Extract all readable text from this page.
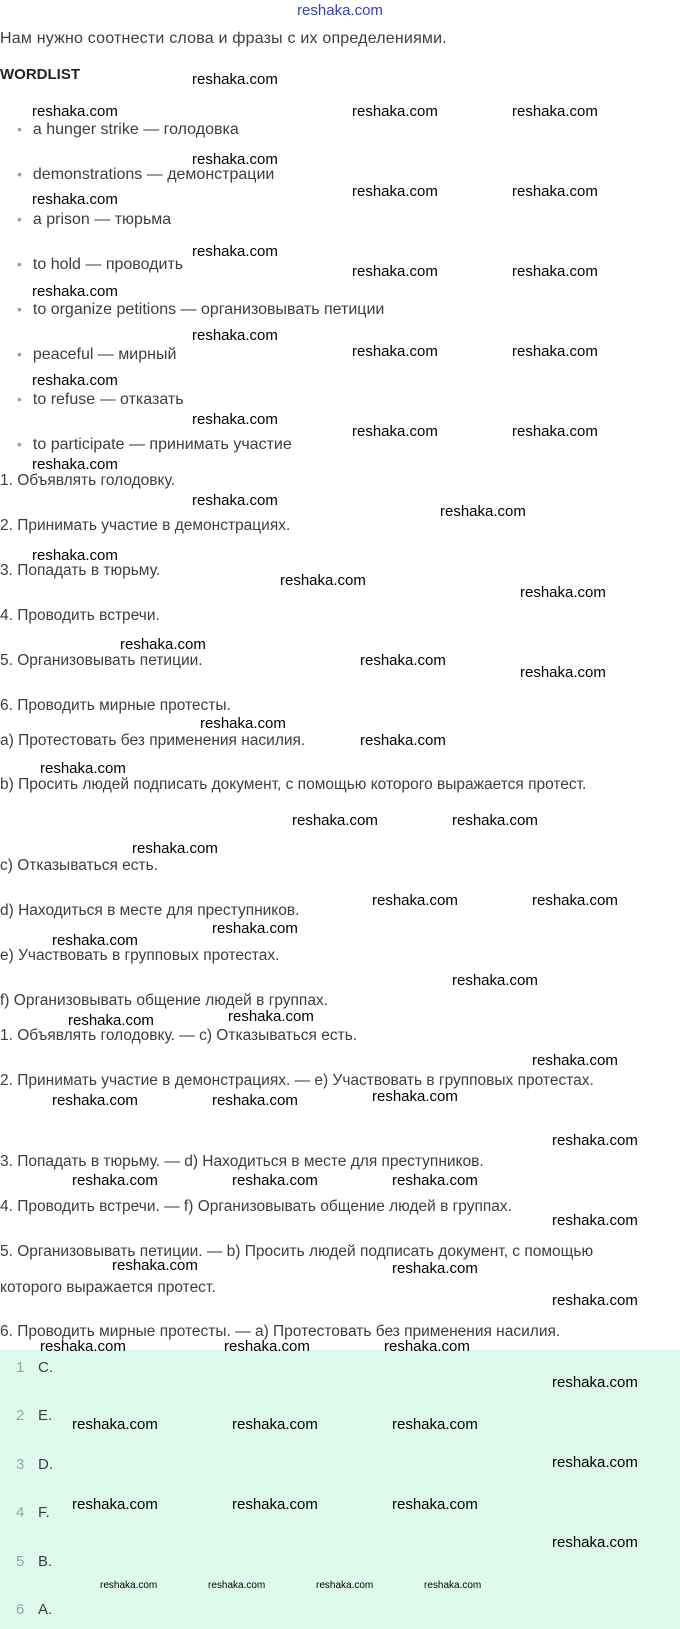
reshaka.com
Нам нужно соотнести слова и фразы с их определениями.
WORDLIST
• a hunger strike — голодовка
• demonstrations — демонстрации
• a prison — тюрьма
• to hold — проводить
• to organize petitions — организовывать петиции
• peaceful — мирный
• to refuse — отказать
• to participate — принимать участие
1. Объявлять голодовку.
2. Принимать участие в демонстрациях.
3. Попадать в тюрьму.
4. Проводить встречи.
5. Организовывать петиции.
6. Проводить мирные протесты.
a) Протестовать без применения насилия.
b) Просить людей подписать документ, с помощью которого выражается протест.
c) Отказываться есть.
d) Находиться в месте для преступников.
e) Участвовать в групповых протестах.
f) Организовывать общение людей в группах.
1. Объявлять голодовку. — c) Отказываться есть.
2. Принимать участие в демонстрациях. — e) Участвовать в групповых протестах.
3. Попадать в тюрьму. — d) Находиться в месте для преступников.
4. Проводить встречи. — f) Организовывать общение людей в группах.
5. Организовывать петиции. — b) Просить людей подписать документ, с помощью которого выражается протест.
6. Проводить мирные протесты. — a) Протестовать без применения насилия.
1 C.
2 E.
3 D.
4 F.
5 B.
6 A.
reshaka.com
reshaka.com	reshaka.com	reshaka.com
reshaka.com
reshaka.com	reshaka.com	reshaka.com
reshaka.com
reshaka.com
reshaka.com	reshaka.com
reshaka.com
reshaka.com
reshaka.com	reshaka.com
reshaka.com
reshaka.com	reshaka.com
reshaka.com
reshaka.com
reshaka.com
reshaka.com
reshaka.com
reshaka.com
reshaka.com
reshaka.com
reshaka.com
reshaka.com
reshaka.com
reshaka.com
reshaka.com	reshaka.com
reshaka.com
reshaka.com	reshaka.com
reshaka.com
reshaka.com
reshaka.com
reshaka.com
reshaka.com
reshaka.com
reshaka.com	reshaka.com	reshaka.com
reshaka.com
reshaka.com	reshaka.com	reshaka.com
reshaka.com
reshaka.com	reshaka.com
reshaka.com
reshaka.com	reshaka.com	reshaka.com
reshaka.com
reshaka.com	reshaka.com	reshaka.com
reshaka.com
reshaka.com	reshaka.com	reshaka.com
reshaka.com
reshaka.com	reshaka.com	reshaka.com	reshaka.com
